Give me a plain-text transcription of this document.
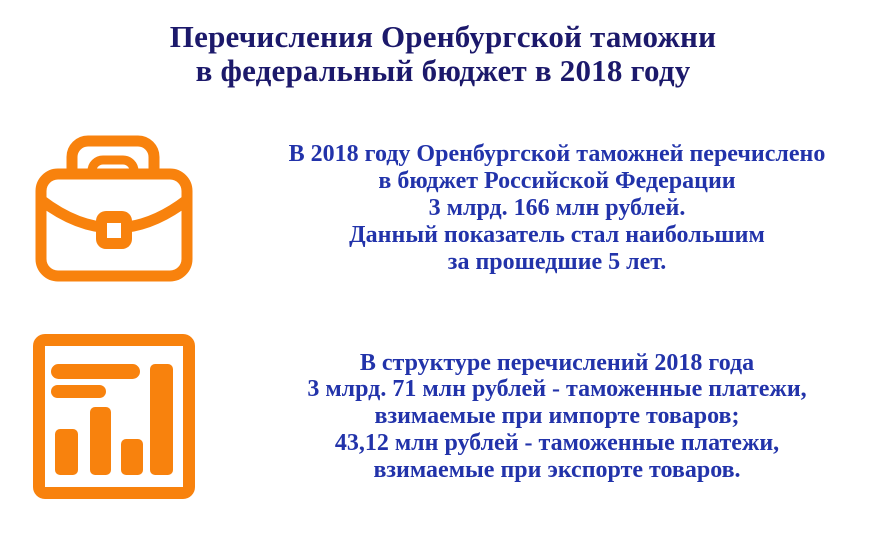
Перечисления Оренбургской таможни
в федеральный бюджет в 2018 году
В 2018 году Оренбургской таможней перечислено
в бюджет Российской Федерации
3 млрд. 166 млн рублей.
Данный показатель стал наибольшим
за прошедшие 5 лет.
В структуре перечислений 2018 года
3 млрд. 71 млн рублей - таможенные платежи,
взимаемые при импорте товаров;
43,12 млн рублей - таможенные платежи,
взимаемые при экспорте товаров.
